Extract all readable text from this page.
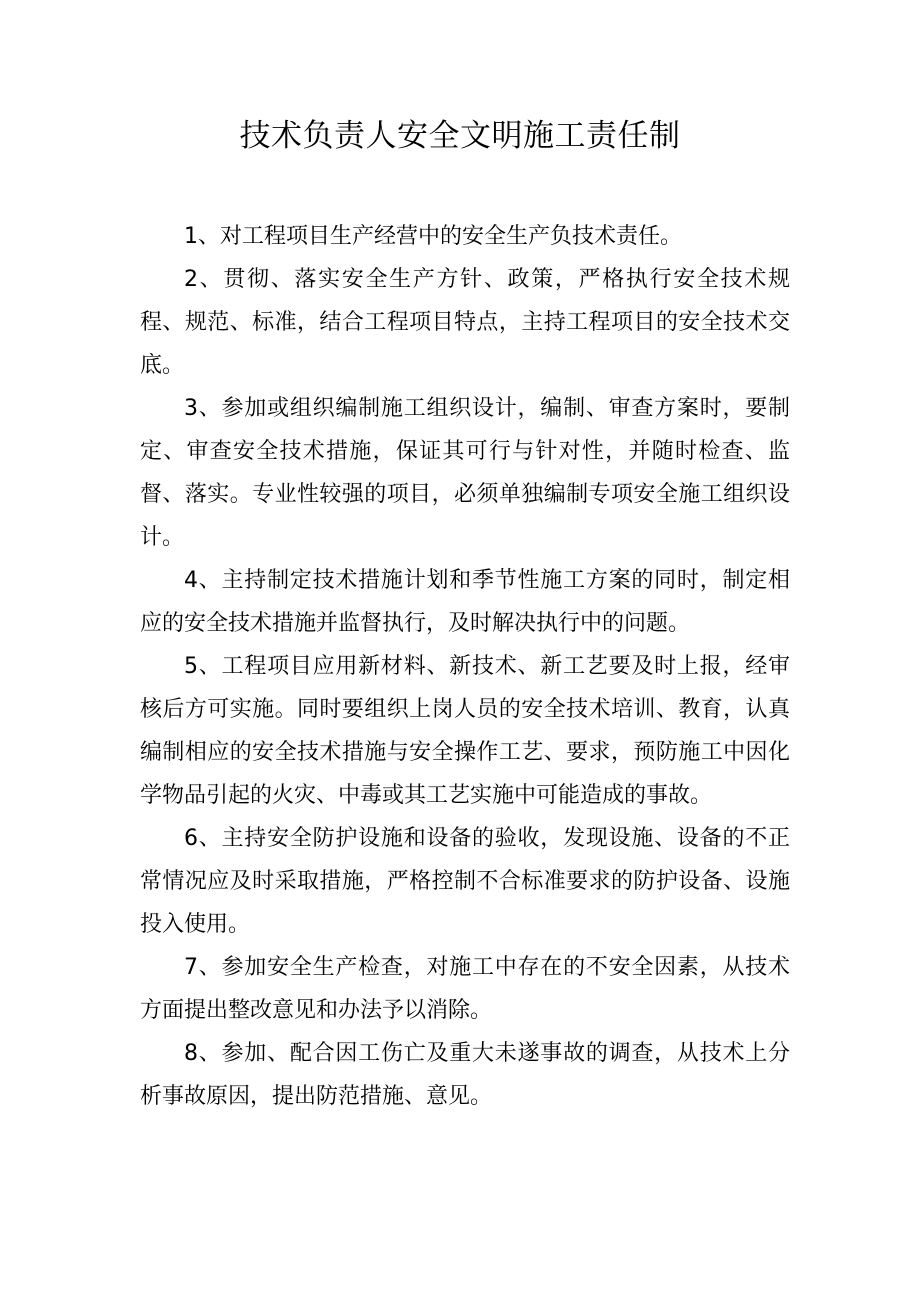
技术负责人安全文明施工责任制

1、对工程项目生产经营中的安全生产负技术责任。

2、贯彻、落实安全生产方针、政策，严格执行安全技术规程、规范、标准，结合工程项目特点，主持工程项目的安全技术交底。

3、参加或组织编制施工组织设计，编制、审查方案时，要制定、审查安全技术措施，保证其可行与针对性，并随时检查、监督、落实。专业性较强的项目，必须单独编制专项安全施工组织设计。

4、主持制定技术措施计划和季节性施工方案的同时，制定相应的安全技术措施并监督执行，及时解决执行中的问题。

5、工程项目应用新材料、新技术、新工艺要及时上报，经审核后方可实施。同时要组织上岗人员的安全技术培训、教育，认真编制相应的安全技术措施与安全操作工艺、要求，预防施工中因化学物品引起的火灾、中毒或其工艺实施中可能造成的事故。

6、主持安全防护设施和设备的验收，发现设施、设备的不正常情况应及时采取措施，严格控制不合标准要求的防护设备、设施投入使用。

7、参加安全生产检查，对施工中存在的不安全因素，从技术方面提出整改意见和办法予以消除。

8、参加、配合因工伤亡及重大未遂事故的调查，从技术上分析事故原因，提出防范措施、意见。
